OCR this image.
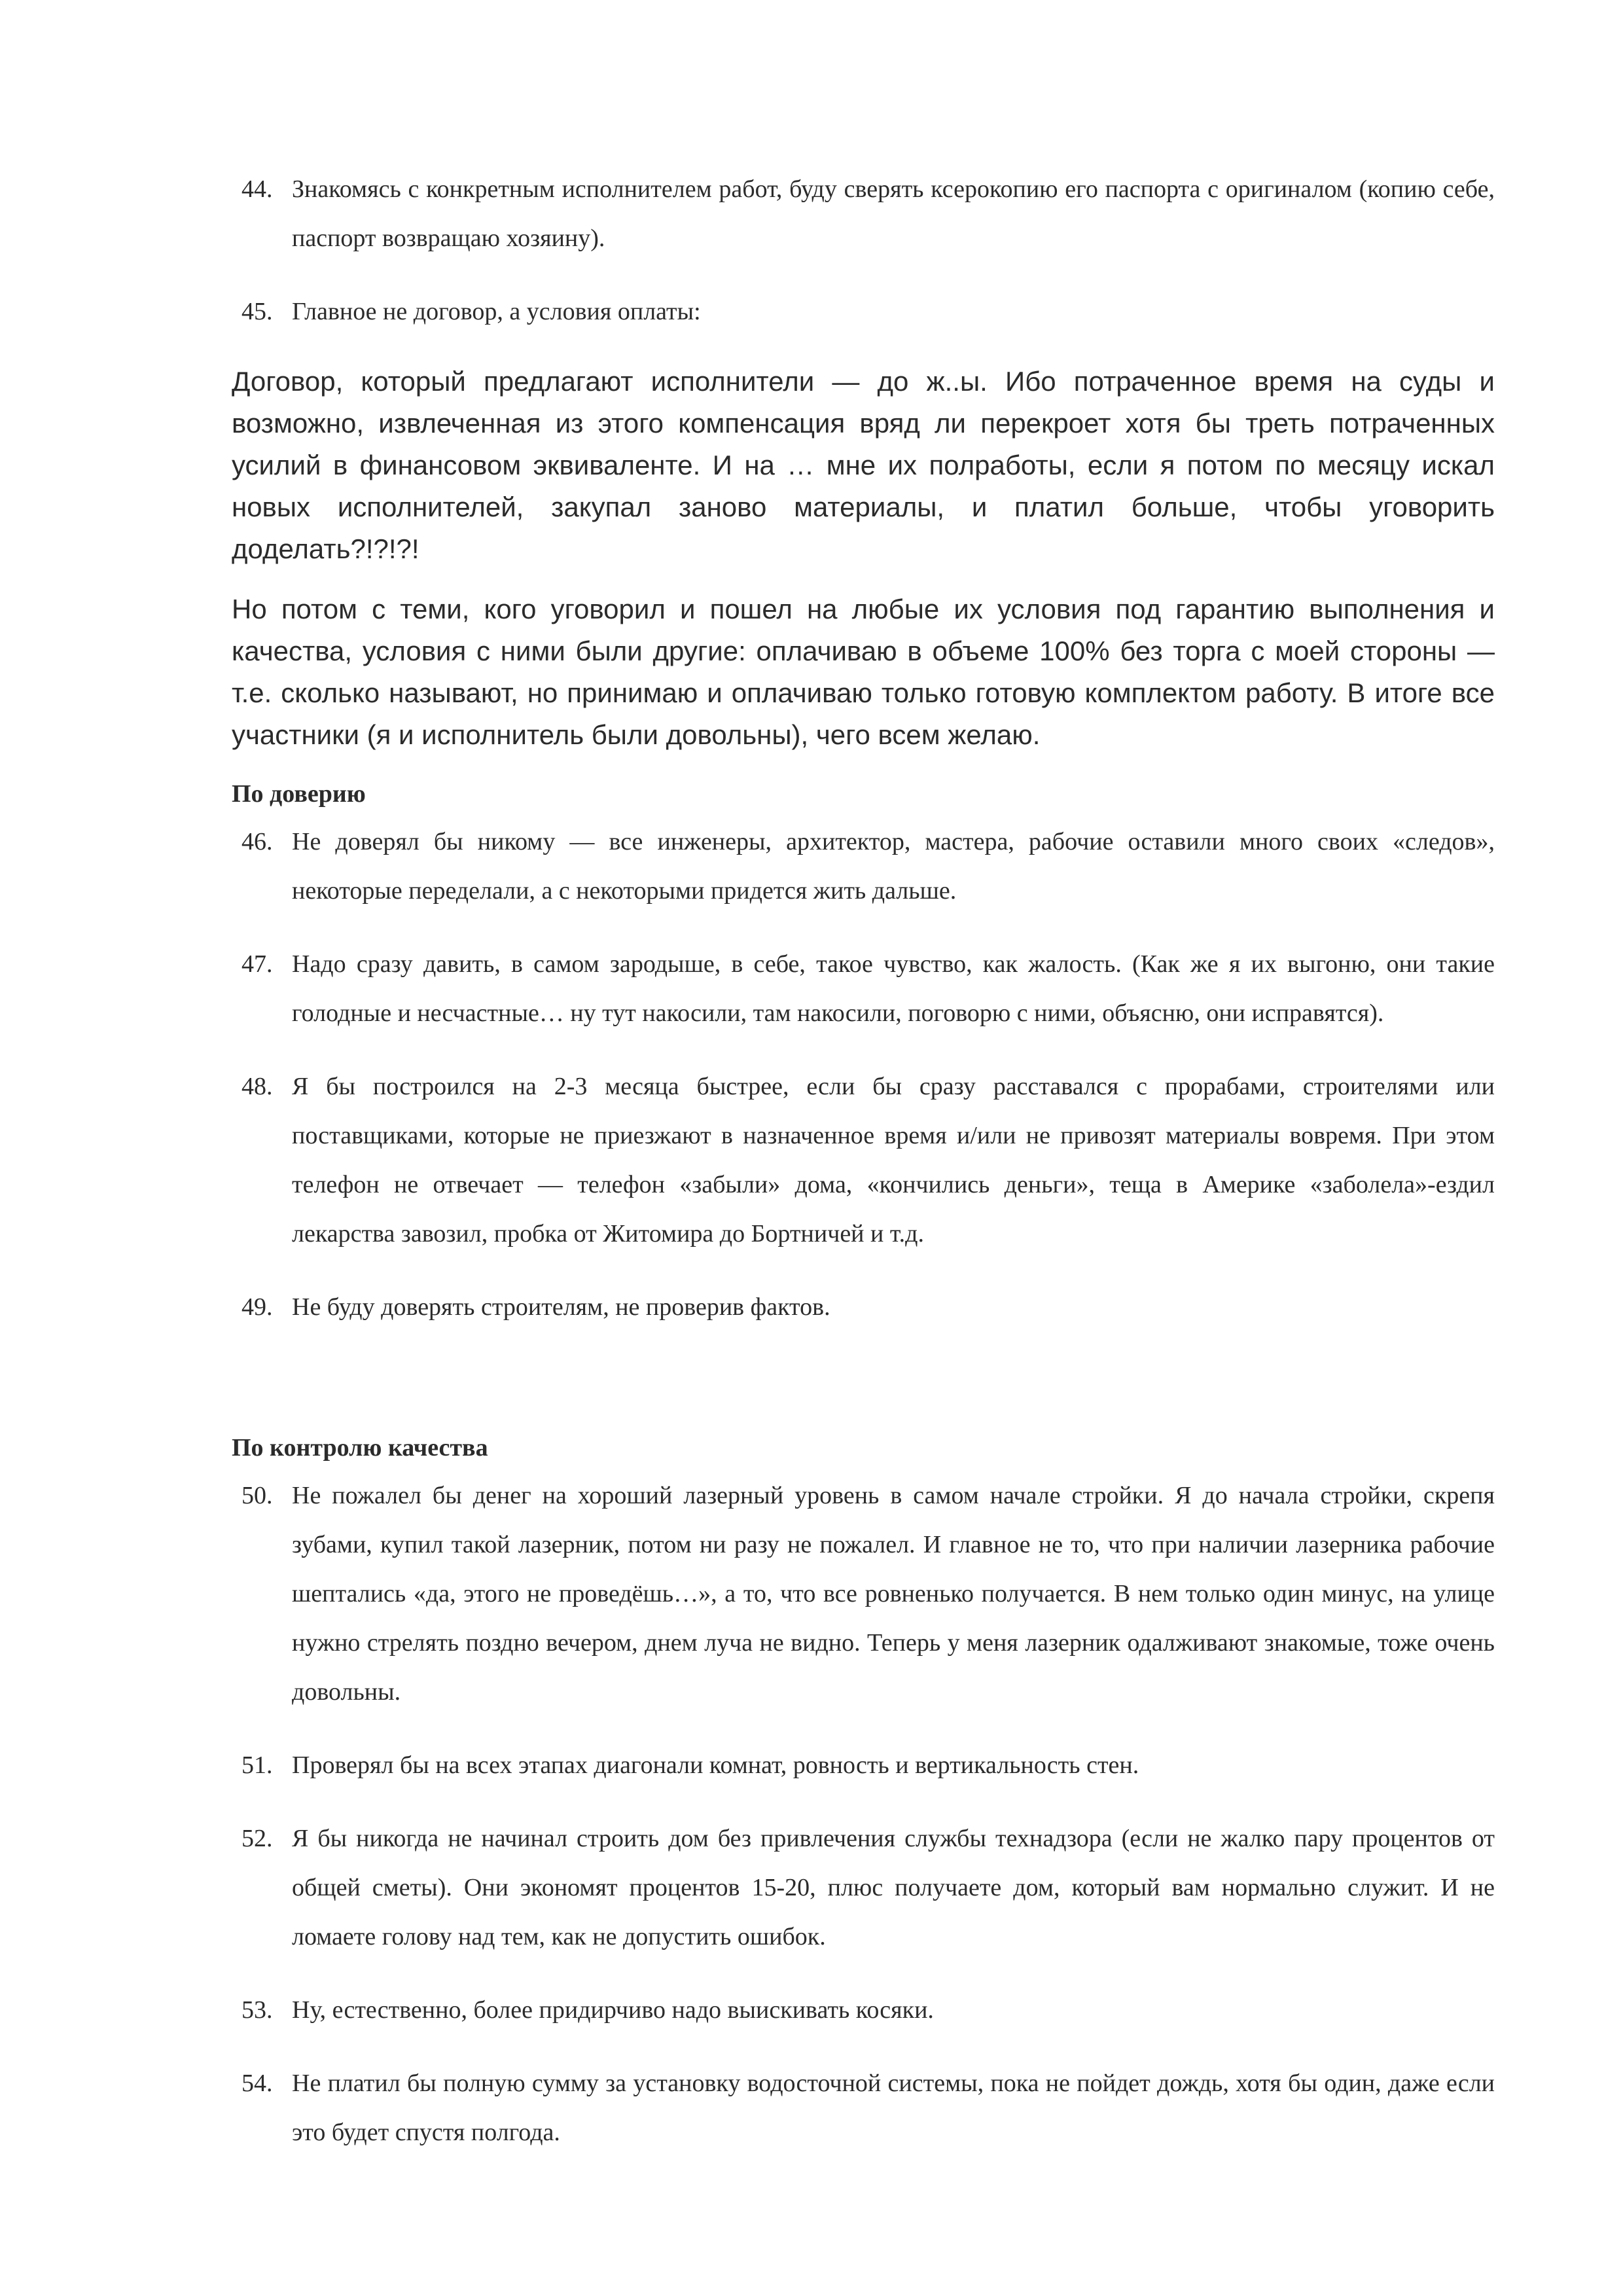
44. Знакомясь с конкретным исполнителем работ, буду сверять ксерокопию его паспорта с оригиналом (копию себе, паспорт возвращаю хозяину).
45. Главное не договор, а условия оплаты:

Договор, который предлагают исполнители — до ж..ы. Ибо потраченное время на суды и возможно, извлеченная из этого компенсация вряд ли перекроет хотя бы треть потраченных усилий в финансовом эквиваленте. И на … мне их полработы, если я потом по месяцу искал новых исполнителей, закупал заново материалы, и платил больше, чтобы уговорить доделать?!?!?!

Но потом с теми, кого уговорил и пошел на любые их условия под гарантию выполнения и качества, условия с ними были другие: оплачиваю в объеме 100% без торга с моей стороны — т.е. сколько называют, но принимаю и оплачиваю только готовую комплектом работу. В итоге все участники (я и исполнитель были довольны), чего всем желаю.

По доверию
46. Не доверял бы никому — все инженеры, архитектор, мастера, рабочие оставили много своих «следов», некоторые переделали, а с некоторыми придется жить дальше.
47. Надо сразу давить, в самом зародыше, в себе, такое чувство, как жалость. (Как же я их выгоню, они такие голодные и несчастные… ну тут накосили, там накосили, поговорю с ними, объясню, они исправятся).
48. Я бы построился на 2-3 месяца быстрее, если бы сразу расставался с прорабами, строителями или поставщиками, которые не приезжают в назначенное время и/или не привозят материалы вовремя. При этом телефон не отвечает — телефон «забыли» дома, «кончились деньги», теща в Америке «заболела»-ездил лекарства завозил, пробка от Житомира до Бортничей и т.д.
49. Не буду доверять строителям, не проверив фактов.
По контролю качества
50. Не пожалел бы денег на хороший лазерный уровень в самом начале стройки. Я до начала стройки, скрепя зубами, купил такой лазерник, потом ни разу не пожалел. И главное не то, что при наличии лазерника рабочие шептались «да, этого не проведёшь…», а то, что все ровненько получается. В нем только один минус, на улице нужно стрелять поздно вечером, днем луча не видно. Теперь у меня лазерник одалживают знакомые, тоже очень довольны.
51. Проверял бы на всех этапах диагонали комнат, ровность и вертикальность стен.
52. Я бы никогда не начинал строить дом без привлечения службы технадзора (если не жалко пару процентов от общей сметы). Они экономят процентов 15-20, плюс получаете дом, который вам нормально служит. И не ломаете голову над тем, как не допустить ошибок.
53. Ну, естественно, более придирчиво надо выискивать косяки.
54. Не платил бы полную сумму за установку водосточной системы, пока не пойдет дождь, хотя бы один, даже если это будет спустя полгода.
